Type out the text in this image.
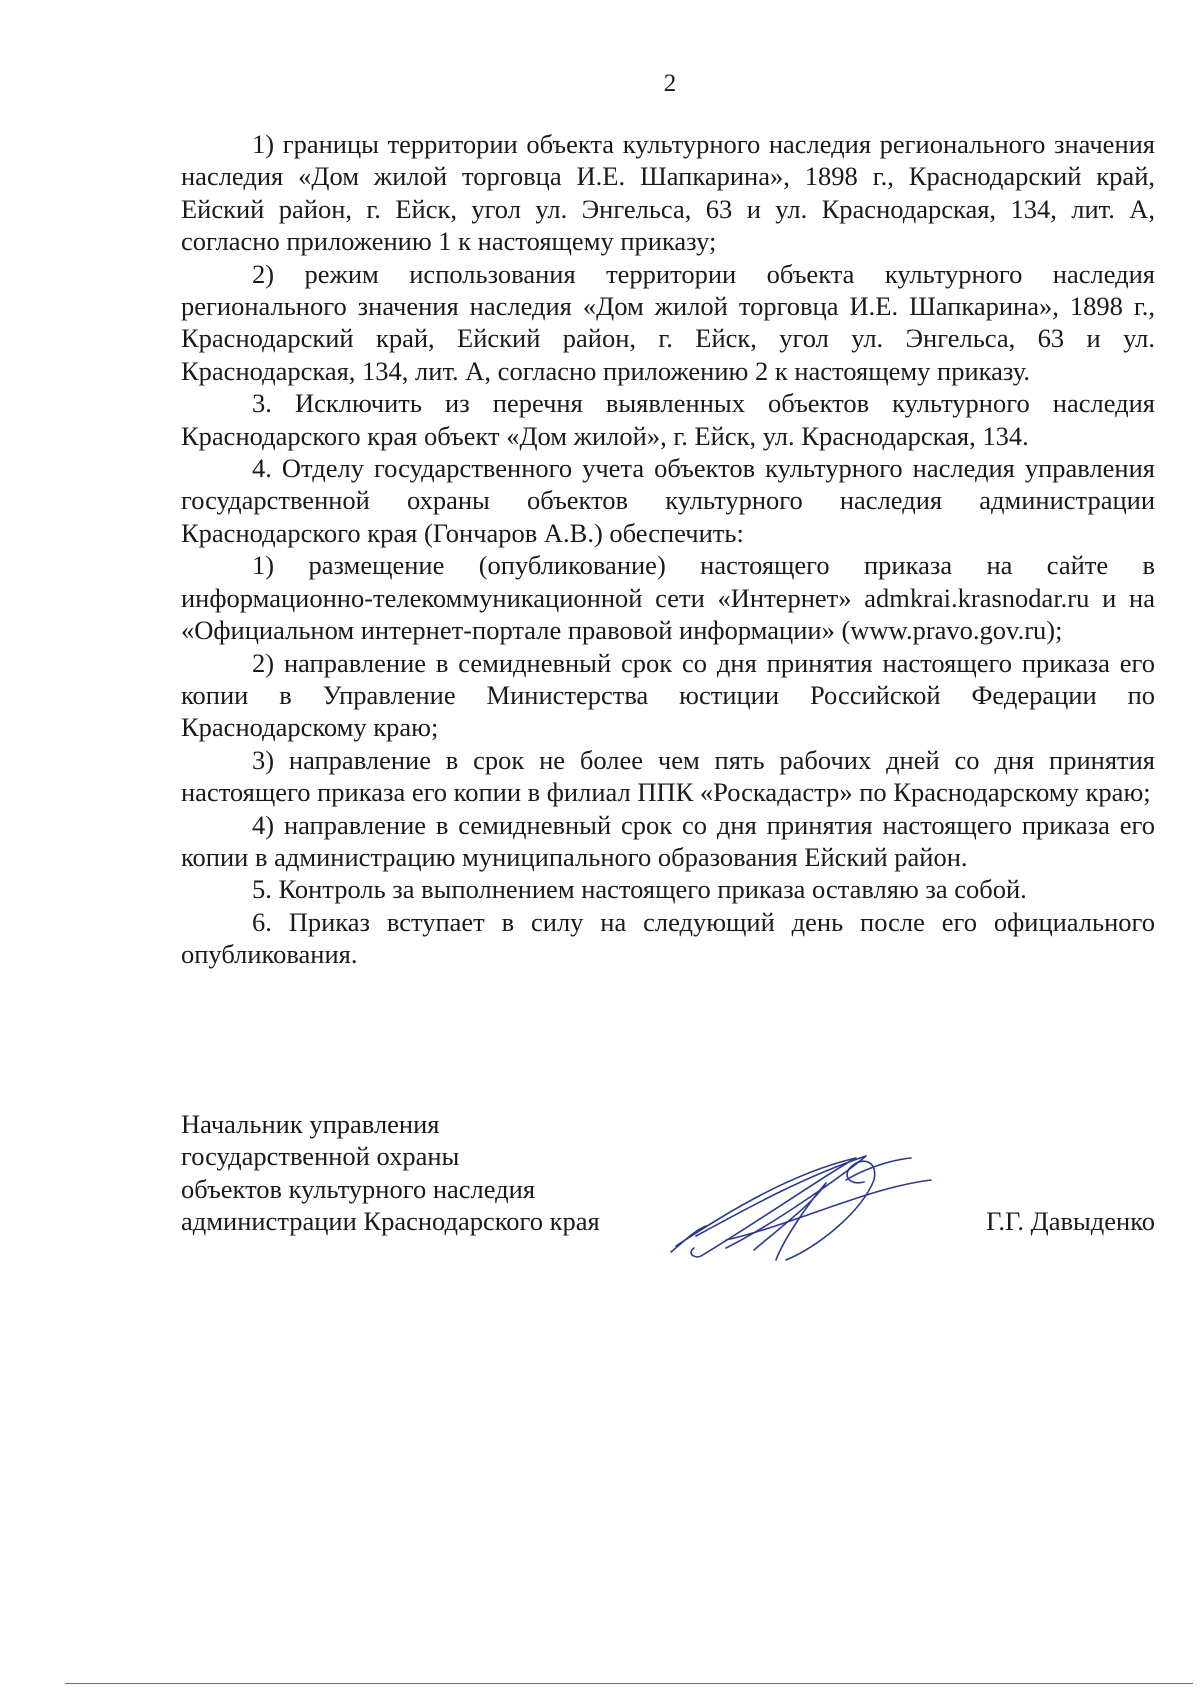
2

1) границы территории объекта культурного наследия регионального значения наследия «Дом жилой торговца И.Е. Шапкарина», 1898 г., Краснодарский край, Ейский район, г. Ейск, угол ул. Энгельса, 63 и ул. Краснодарская, 134, лит. А, согласно приложению 1 к настоящему приказу;

2) режим использования территории объекта культурного наследия регионального значения наследия «Дом жилой торговца И.Е. Шапкарина», 1898 г., Краснодарский край, Ейский район, г. Ейск, угол ул. Энгельса, 63 и ул. Краснодарская, 134, лит. А, согласно приложению 2 к настоящему приказу.

3. Исключить из перечня выявленных объектов культурного наследия Краснодарского края объект «Дом жилой», г. Ейск, ул. Краснодарская, 134.

4. Отделу государственного учета объектов культурного наследия управления государственной охраны объектов культурного наследия администрации Краснодарского края (Гончаров А.В.) обеспечить:

1) размещение (опубликование) настоящего приказа на сайте в информационно-телекоммуникационной сети «Интернет» admkrai.krasnodar.ru и на «Официальном интернет-портале правовой информации» (www.pravo.gov.ru);

2) направление в семидневный срок со дня принятия настоящего приказа его копии в Управление Министерства юстиции Российской Федерации по Краснодарскому краю;

3) направление в срок не более чем пять рабочих дней со дня принятия настоящего приказа его копии в филиал ППК «Роскадастр» по Краснодарскому краю;

4) направление в семидневный срок со дня принятия настоящего приказа его копии в администрацию муниципального образования Ейский район.

5. Контроль за выполнением настоящего приказа оставляю за собой.

6. Приказ вступает в силу на следующий день после его официального опубликования.

Начальник управления
государственной охраны
объектов культурного наследия
администрации Краснодарского края	Г.Г. Давыденко
